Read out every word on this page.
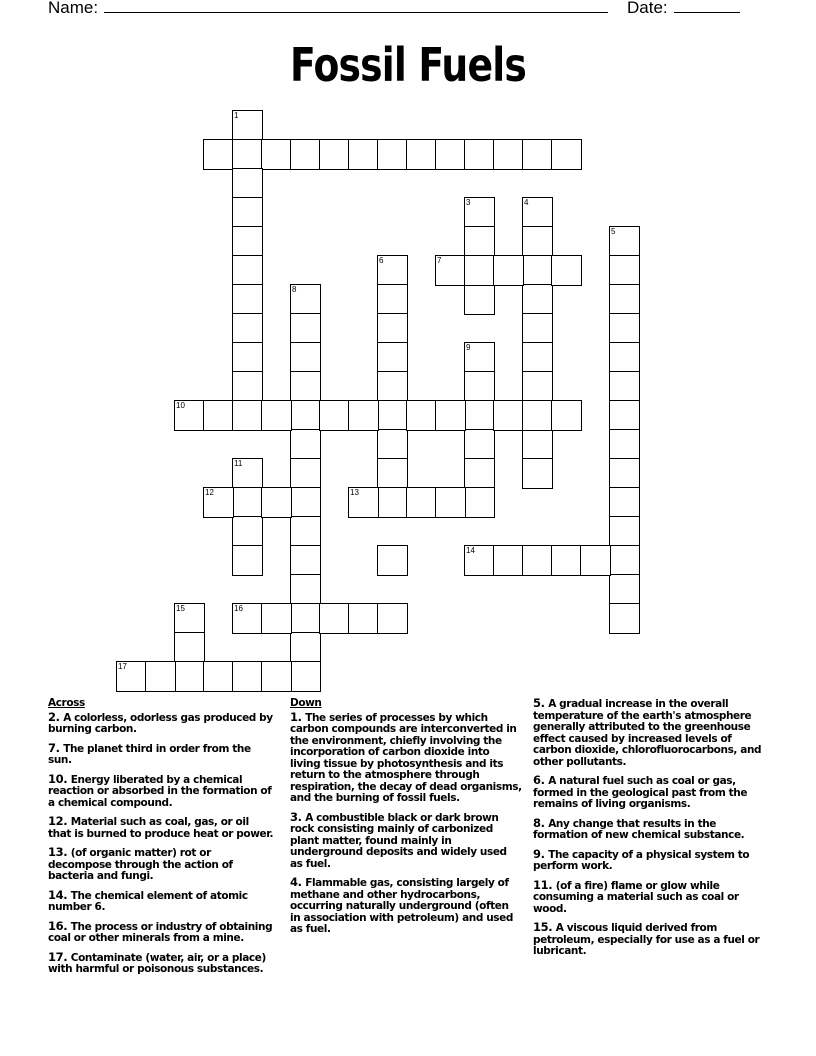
Name:	Date:
Fossil Fuels
1
3	4
5
6	7
8
9
10
11
12	13
14
15	16
17
Across
2. A colorless, odorless gas produced by burning carbon.
7. The planet third in order from the sun.
10. Energy liberated by a chemical reaction or absorbed in the formation of a chemical compound.
12. Material such as coal, gas, or oil that is burned to produce heat or power.
13. (of organic matter) rot or decompose through the action of bacteria and fungi.
14. The chemical element of atomic number 6.
16. The process or industry of obtaining coal or other minerals from a mine.
17. Contaminate (water, air, or a place) with harmful or poisonous substances.
Down
1. The series of processes by which carbon compounds are interconverted in the environment, chiefly involving the incorporation of carbon dioxide into living tissue by photosynthesis and its return to the atmosphere through respiration, the decay of dead organisms, and the burning of fossil fuels.
3. A combustible black or dark brown rock consisting mainly of carbonized plant matter, found mainly in underground deposits and widely used as fuel.
4. Flammable gas, consisting largely of methane and other hydrocarbons, occurring naturally underground (often in association with petroleum) and used as fuel.
5. A gradual increase in the overall temperature of the earth's atmosphere generally attributed to the greenhouse effect caused by increased levels of carbon dioxide, chlorofluorocarbons, and other pollutants.
6. A natural fuel such as coal or gas, formed in the geological past from the remains of living organisms.
8. Any change that results in the formation of new chemical substance.
9. The capacity of a physical system to perform work.
11. (of a fire) flame or glow while consuming a material such as coal or wood.
15. A viscous liquid derived from petroleum, especially for use as a fuel or lubricant.
